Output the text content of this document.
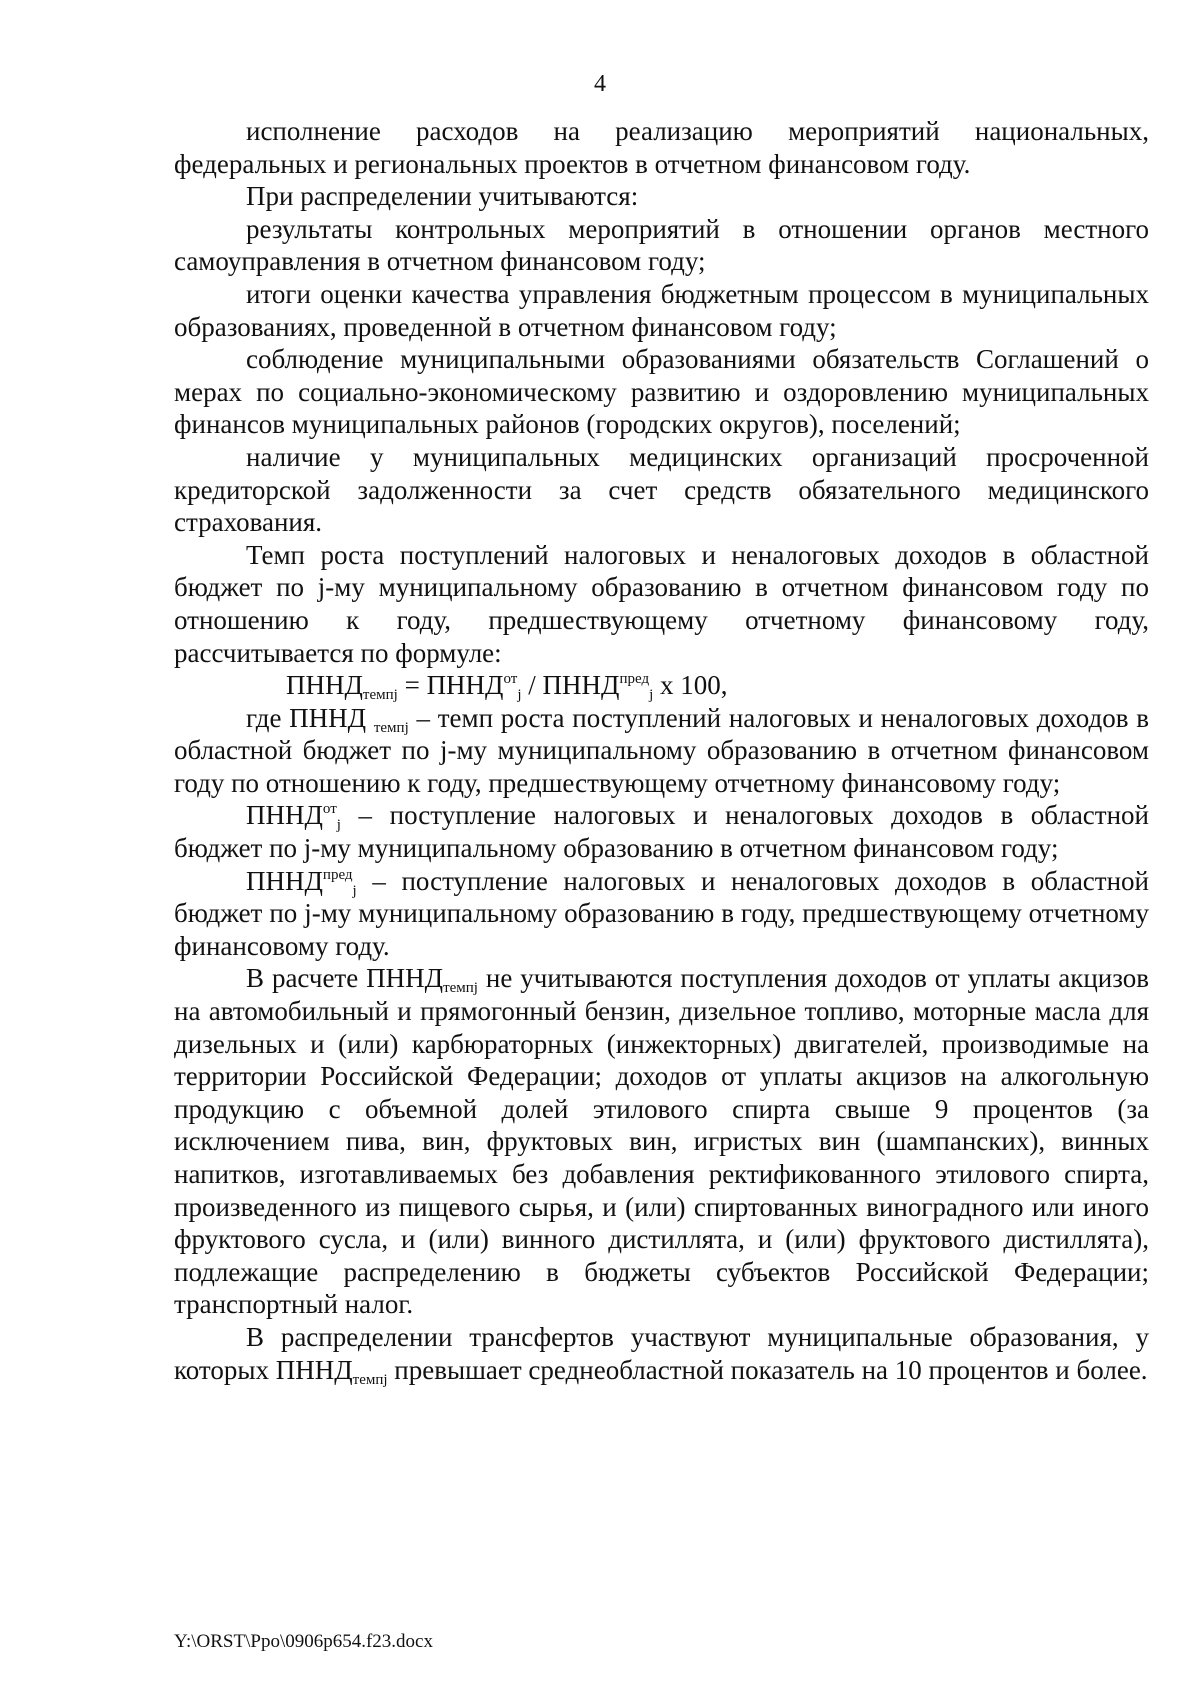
4

исполнение расходов на реализацию мероприятий национальных, федеральных и региональных проектов в отчетном финансовом году.

При распределении учитываются:

результаты контрольных мероприятий в отношении органов местного самоуправления в отчетном финансовом году;

итоги оценки качества управления бюджетным процессом в муниципальных образованиях, проведенной в отчетном финансовом году;

соблюдение муниципальными образованиями обязательств Соглашений о мерах по социально-экономическому развитию и оздоровлению муниципальных финансов муниципальных районов (городских округов), поселений;

наличие у муниципальных медицинских организаций просроченной кредиторской задолженности за счет средств обязательного медицинского страхования.

Темп роста поступлений налоговых и неналоговых доходов в областной бюджет по j-му муниципальному образованию в отчетном финансовом году по отношению к году, предшествующему отчетному финансовому году, рассчитывается по формуле:

$ПННД_{темпj}$ = $ПННД^{от}_j$ / $ПННД^{пред}_j$ х 100,

где ПННД $_{темпj}$ – темп роста поступлений налоговых и неналоговых доходов в областной бюджет по j-му муниципальному образованию в отчетном финансовом году по отношению к году, предшествующему отчетному финансовому году;

$ПННД^{от}_j$ – поступление налоговых и неналоговых доходов в областной бюджет по j-му муниципальному образованию в отчетном финансовом году;

$ПННД^{пред}_j$ – поступление налоговых и неналоговых доходов в областной бюджет по j-му муниципальному образованию в году, предшествующему отчетному финансовому году.

В расчете $ПННД_{темпj}$ не учитываются поступления доходов от уплаты акцизов на автомобильный и прямогонный бензин, дизельное топливо, моторные масла для дизельных и (или) карбюраторных (инжекторных) двигателей, производимые на территории Российской Федерации; доходов от уплаты акцизов на алкогольную продукцию с объемной долей этилового спирта свыше 9 процентов (за исключением пива, вин, фруктовых вин, игристых вин (шампанских), винных напитков, изготавливаемых без добавления ректификованного этилового спирта, произведенного из пищевого сырья, и (или) спиртованных виноградного или иного фруктового сусла, и (или) винного дистиллята, и (или) фруктового дистиллята), подлежащие распределению в бюджеты субъектов Российской Федерации; транспортный налог.

В распределении трансфертов участвуют муниципальные образования, у которых $ПННД_{темпj}$ превышает среднеобластной показатель на 10 процентов и более.

Y:\ORST\Ppo\0906p654.f23.docx
